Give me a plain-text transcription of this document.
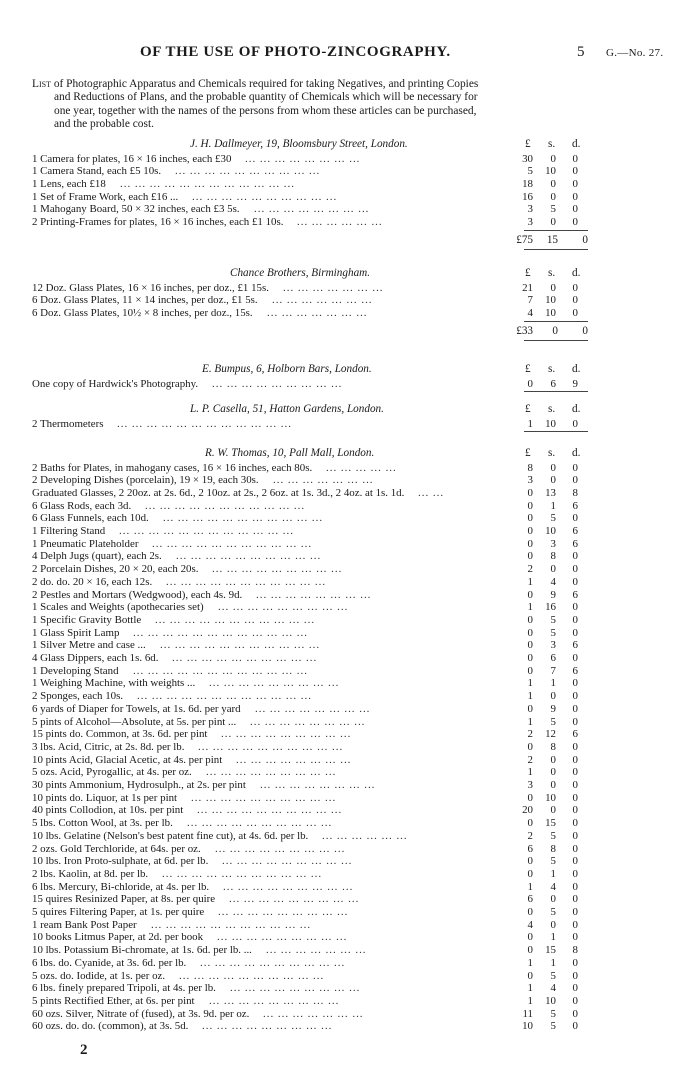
OF THE USE OF PHOTO-ZINCOGRAPHY.	5 G.—No. 27.
List of Photographic Apparatus and Chemicals required for taking Negatives, and printing Copies
and Reductions of Plans, and the probable quantity of Chemicals which will be necessary for
one year, together with the names of the persons from whom these articles can be purchased,
and the probable cost.
J. H. Dallmeyer, 19, Bloomsbury Street, London.	£ s. d.
1 Camera for plates, 16 × 16 inches, each £30 ... ... ... ... ... ... ... ...	30 0 0
1 Camera Stand, each £5 10s. ... ... ... ... ... ... ... ... ... ...	5 10 0
1 Lens, each £18 ... ... ... ... ... ... ... ... ... ... ... ...	18 0 0
1 Set of Frame Work, each £16 ... ... ... ... ... ... ... ... ... ... ...	16 0 0
1 Mahogany Board, 50 × 32 inches, each £3 5s. ... ... ... ... ... ... ... ...	3 5 0
2 Printing-Frames for plates, 16 × 16 inches, each £1 10s. ... ... ... ... ... ...	3 0 0
£75 15 0
Chance Brothers, Birmingham.	£ s. d.
12 Doz. Glass Plates, 16 × 16 inches, per doz., £1 15s. ... ... ... ... ... ... ...	21 0 0
6 Doz. Glass Plates, 11 × 14 inches, per doz., £1 5s. ... ... ... ... ... ... ...	7 10 0
6 Doz. Glass Plates, 10½ × 8 inches, per doz., 15s. ... ... ... ... ... ... ...	4 10 0
£33 0 0
E. Bumpus, 6, Holborn Bars, London.	£ s. d.
One copy of Hardwick's Photography. ... ... ... ... ... ... ... ... ...	0 6 9
L. P. Casella, 51, Hatton Gardens, London.	£ s. d.
2 Thermometers ... ... ... ... ... ... ... ... ... ... ... ...	1 10 0
R. W. Thomas, 10, Pall Mall, London.	£ s. d.
2 Baths for Plates, in mahogany cases, 16 × 16 inches, each 80s. ... ... ... ... ...	8 0 0
2 Developing Dishes (porcelain), 19 × 19, each 30s. ... ... ... ... ... ... ...	3 0 0
Graduated Glasses, 2 20oz. at 2s. 6d., 2 10oz. at 2s., 2 6oz. at 1s. 3d., 2 4oz. at 1s. 1d. ... ...	0 13 8
6 Glass Rods, each 3d. ... ... ... ... ... ... ... ... ... ... ...	0 1 6
6 Glass Funnels, each 10d. ... ... ... ... ... ... ... ... ... ... ...	0 5 0
1 Filtering Stand ... ... ... ... ... ... ... ... ... ... ... ...	0 10 6
1 Pneumatic Plateholder ... ... ... ... ... ... ... ... ... ... ...	0 3 6
4 Delph Jugs (quart), each 2s. ... ... ... ... ... ... ... ... ... ...	0 8 0
2 Porcelain Dishes, 20 × 20, each 20s. ... ... ... ... ... ... ... ... ...	2 0 0
2 do. do. 20 × 16, each 12s. ... ... ... ... ... ... ... ... ... ... ...	1 4 0
2 Pestles and Mortars (Wedgwood), each 4s. 9d. ... ... ... ... ... ... ... ...	0 9 6
1 Scales and Weights (apothecaries set) ... ... ... ... ... ... ... ... ...	1 16 0
1 Specific Gravity Bottle ... ... ... ... ... ... ... ... ... ... ...	0 5 0
1 Glass Spirit Lamp ... ... ... ... ... ... ... ... ... ... ... ...	0 5 0
1 Silver Metre and case ... ... ... ... ... ... ... ... ... ... ... ...	0 3 6
4 Glass Dippers, each 1s. 6d. ... ... ... ... ... ... ... ... ... ...	0 6 0
1 Developing Stand ... ... ... ... ... ... ... ... ... ... ... ...	0 7 6
1 Weighing Machine, with weights ... ... ... ... ... ... ... ... ... ...	1 1 0
2 Sponges, each 10s. ... ... ... ... ... ... ... ... ... ... ... ...	1 0 0
6 yards of Diaper for Towels, at 1s. 6d. per yard ... ... ... ... ... ... ... ...	0 9 0
5 pints of Alcohol—Absolute, at 5s. per pint ... ... ... ... ... ... ... ... ...	1 5 0
15 pints do. Common, at 3s. 6d. per pint ... ... ... ... ... ... ... ... ...	2 12 6
3 lbs. Acid, Citric, at 2s. 8d. per lb. ... ... ... ... ... ... ... ... ... ...	0 8 0
10 pints Acid, Glacial Acetic, at 4s. per pint ... ... ... ... ... ... ... ...	2 0 0
5 ozs. Acid, Pyrogallic, at 4s. per oz. ... ... ... ... ... ... ... ... ...	1 0 0
30 pints Ammonium, Hydrosulph., at 2s. per pint ... ... ... ... ... ... ... ...	3 0 0
10 pints do. Liquor, at 1s per pint ... ... ... ... ... ... ... ... ... ...	0 10 0
40 pints Collodion, at 10s. per pint ... ... ... ... ... ... ... ... ... ...	20 0 0
5 lbs. Cotton Wool, at 3s. per lb. ... ... ... ... ... ... ... ... ... ...	0 15 0
10 lbs. Gelatine (Nelson's best patent fine cut), at 4s. 6d. per lb. ... ... ... ... ... ...	2 5 0
2 ozs. Gold Terchloride, at 64s. per oz. ... ... ... ... ... ... ... ... ...	6 8 0
10 lbs. Iron Proto-sulphate, at 6d. per lb. ... ... ... ... ... ... ... ... ...	0 5 0
2 lbs. Kaolin, at 8d. per lb. ... ... ... ... ... ... ... ... ... ... ...	0 1 0
6 lbs. Mercury, Bi-chloride, at 4s. per lb. ... ... ... ... ... ... ... ... ...	1 4 0
15 quires Resinized Paper, at 8s. per quire ... ... ... ... ... ... ... ... ...	6 0 0
5 quires Filtering Paper, at 1s. per quire ... ... ... ... ... ... ... ... ...	0 5 0
1 ream Bank Post Paper ... ... ... ... ... ... ... ... ... ... ...	4 0 0
10 books Litmus Paper, at 2d. per book ... ... ... ... ... ... ... ... ...	0 1 0
10 lbs. Potassium Bi-chromate, at 1s. 6d. per lb. ... ... ... ... ... ... ... ...	0 15 8
6 lbs. do. Cyanide, at 3s. 6d. per lb. ... ... ... ... ... ... ... ... ... ...	1 1 0
5 ozs. do. Iodide, at 1s. per oz. ... ... ... ... ... ... ... ... ... ...	0 5 0
6 lbs. finely prepared Tripoli, at 4s. per lb. ... ... ... ... ... ... ... ... ...	1 4 0
5 pints Rectified Ether, at 6s. per pint ... ... ... ... ... ... ... ... ...	1 10 0
60 ozs. Silver, Nitrate of (fused), at 3s. 9d. per oz. ... ... ... ... ... ... ...	11 5 0
60 ozs. do. do. (common), at 3s. 5d. ... ... ... ... ... ... ... ... ...	10 5 0
2
